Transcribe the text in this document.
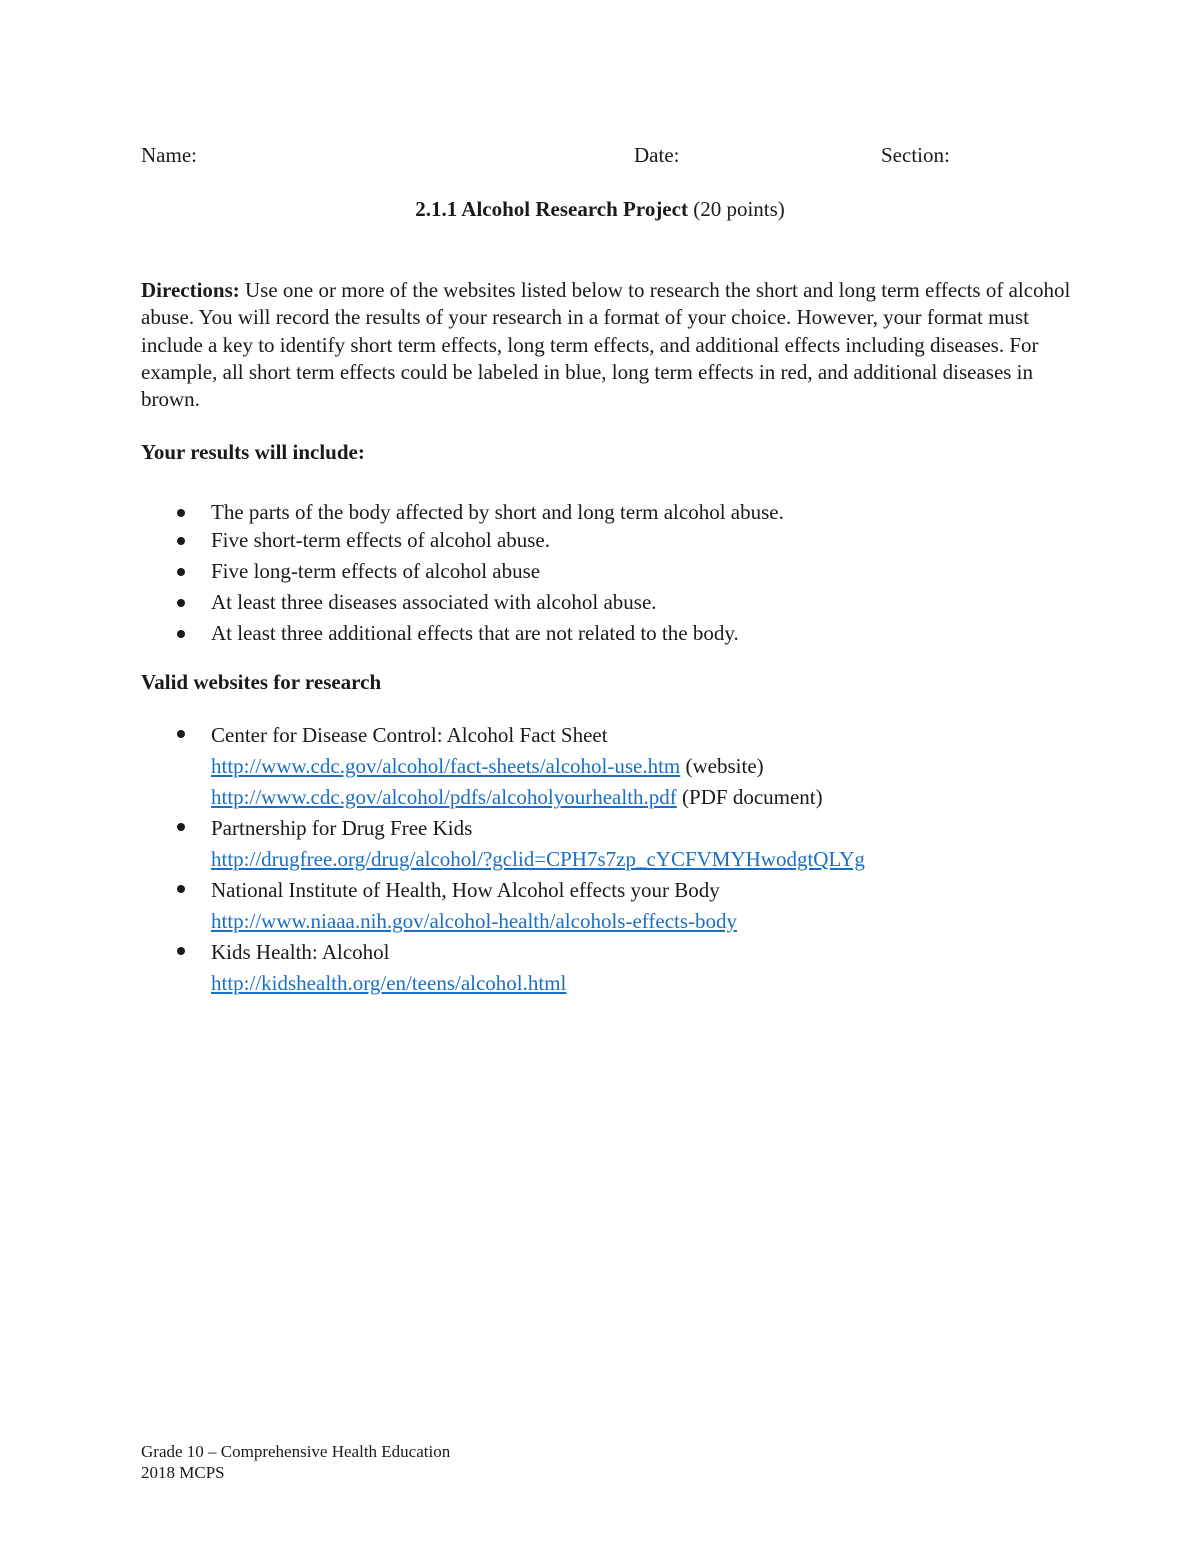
Name:	Date:	Section:
2.1.1 Alcohol Research Project (20 points)
Directions: Use one or more of the websites listed below to research the short and long term effects of alcohol abuse. You will record the results of your research in a format of your choice. However, your format must include a key to identify short term effects, long term effects, and additional effects including diseases. For example, all short term effects could be labeled in blue, long term effects in red, and additional diseases in brown.
Your results will include:
The parts of the body affected by short and long term alcohol abuse.
Five short-term effects of alcohol abuse.
Five long-term effects of alcohol abuse
At least three diseases associated with alcohol abuse.
At least three additional effects that are not related to the body.
Valid websites for research
Center for Disease Control: Alcohol Fact Sheet
http://www.cdc.gov/alcohol/fact-sheets/alcohol-use.htm (website)
http://www.cdc.gov/alcohol/pdfs/alcoholyourhealth.pdf (PDF document)
Partnership for Drug Free Kids
http://drugfree.org/drug/alcohol/?gclid=CPH7s7zp_cYCFVMYHwodgtQLYg
National Institute of Health, How Alcohol effects your Body
http://www.niaaa.nih.gov/alcohol-health/alcohols-effects-body
Kids Health: Alcohol
http://kidshealth.org/en/teens/alcohol.html
Grade 10 – Comprehensive Health Education
2018 MCPS
